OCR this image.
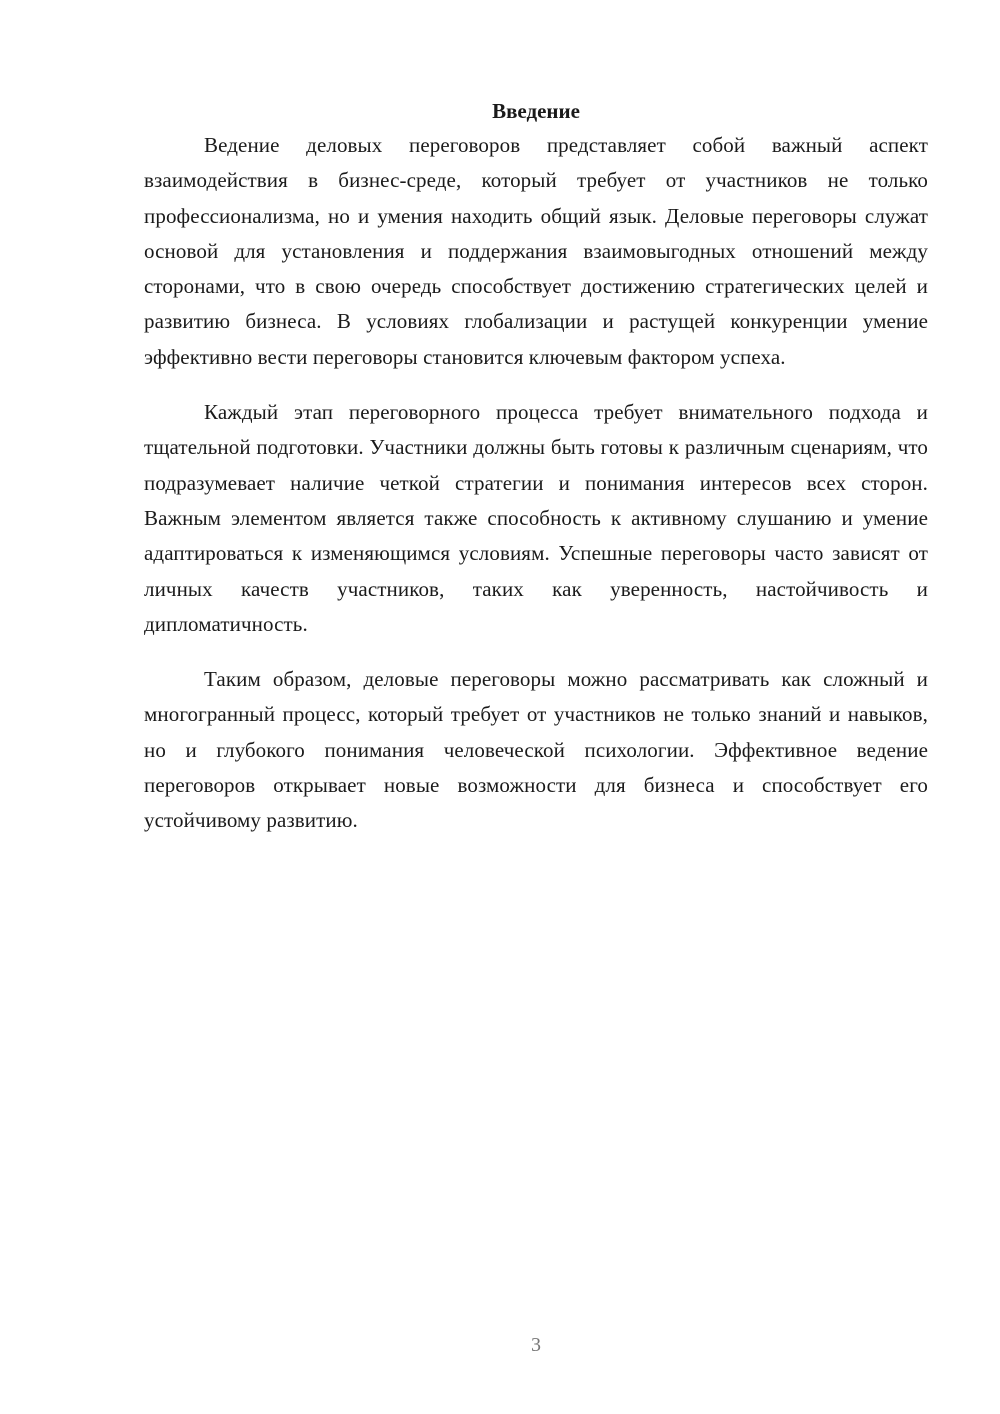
Введение

Ведение деловых переговоров представляет собой важный аспект взаимодействия в бизнес-среде, который требует от участников не только профессионализма, но и умения находить общий язык. Деловые переговоры служат основой для установления и поддержания взаимовыгодных отношений между сторонами, что в свою очередь способствует достижению стратегических целей и развитию бизнеса. В условиях глобализации и растущей конкуренции умение эффективно вести переговоры становится ключевым фактором успеха.

Каждый этап переговорного процесса требует внимательного подхода и тщательной подготовки. Участники должны быть готовы к различным сценариям, что подразумевает наличие четкой стратегии и понимания интересов всех сторон. Важным элементом является также способность к активному слушанию и умение адаптироваться к изменяющимся условиям. Успешные переговоры часто зависят от личных качеств участников, таких как уверенность, настойчивость и дипломатичность.

Таким образом, деловые переговоры можно рассматривать как сложный и многогранный процесс, который требует от участников не только знаний и навыков, но и глубокого понимания человеческой психологии. Эффективное ведение переговоров открывает новые возможности для бизнеса и способствует его устойчивому развитию.

3
